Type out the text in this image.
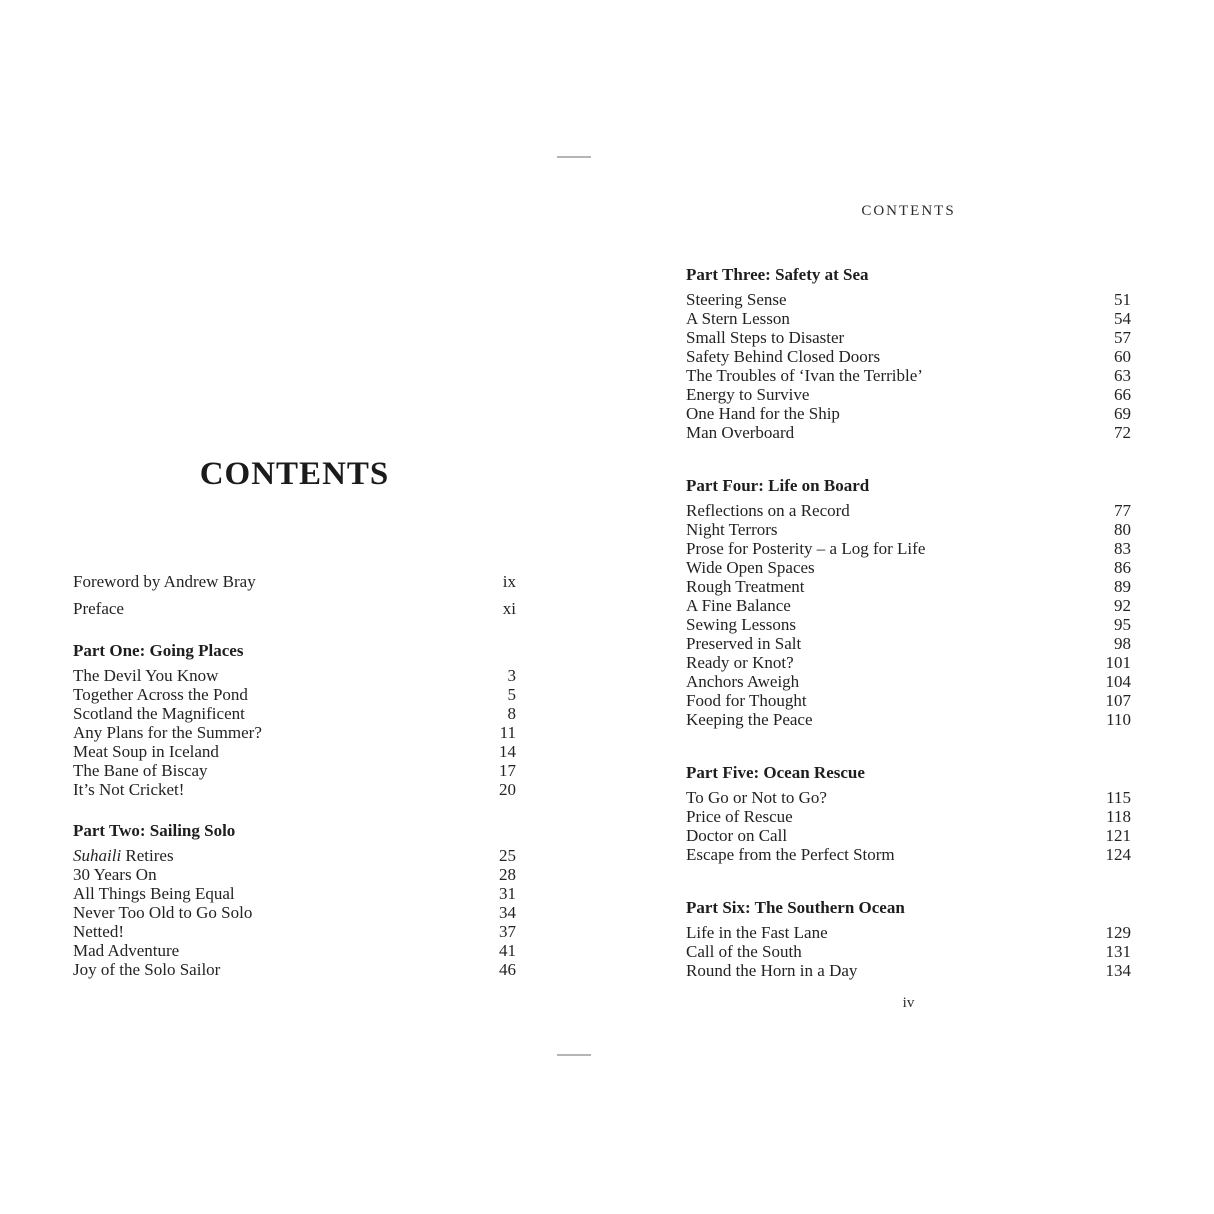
CONTENTS
Foreword by Andrew Bray	ix
Preface	xi
Part One: Going Places
The Devil You Know	3
Together Across the Pond	5
Scotland the Magnificent	8
Any Plans for the Summer?	11
Meat Soup in Iceland	14
The Bane of Biscay	17
It’s Not Cricket!	20
Part Two: Sailing Solo
Suhaili Retires	25
30 Years On	28
All Things Being Equal	31
Never Too Old to Go Solo	34
Netted!	37
Mad Adventure	41
Joy of the Solo Sailor	46
CONTENTS
Part Three: Safety at Sea
Steering Sense	51
A Stern Lesson	54
Small Steps to Disaster	57
Safety Behind Closed Doors	60
The Troubles of ‘Ivan the Terrible’	63
Energy to Survive	66
One Hand for the Ship	69
Man Overboard	72
Part Four: Life on Board
Reflections on a Record	77
Night Terrors	80
Prose for Posterity – a Log for Life	83
Wide Open Spaces	86
Rough Treatment	89
A Fine Balance	92
Sewing Lessons	95
Preserved in Salt	98
Ready or Knot?	101
Anchors Aweigh	104
Food for Thought	107
Keeping the Peace	110
Part Five: Ocean Rescue
To Go or Not to Go?	115
Price of Rescue	118
Doctor on Call	121
Escape from the Perfect Storm	124
Part Six: The Southern Ocean
Life in the Fast Lane	129
Call of the South	131
Round the Horn in a Day	134
iv
